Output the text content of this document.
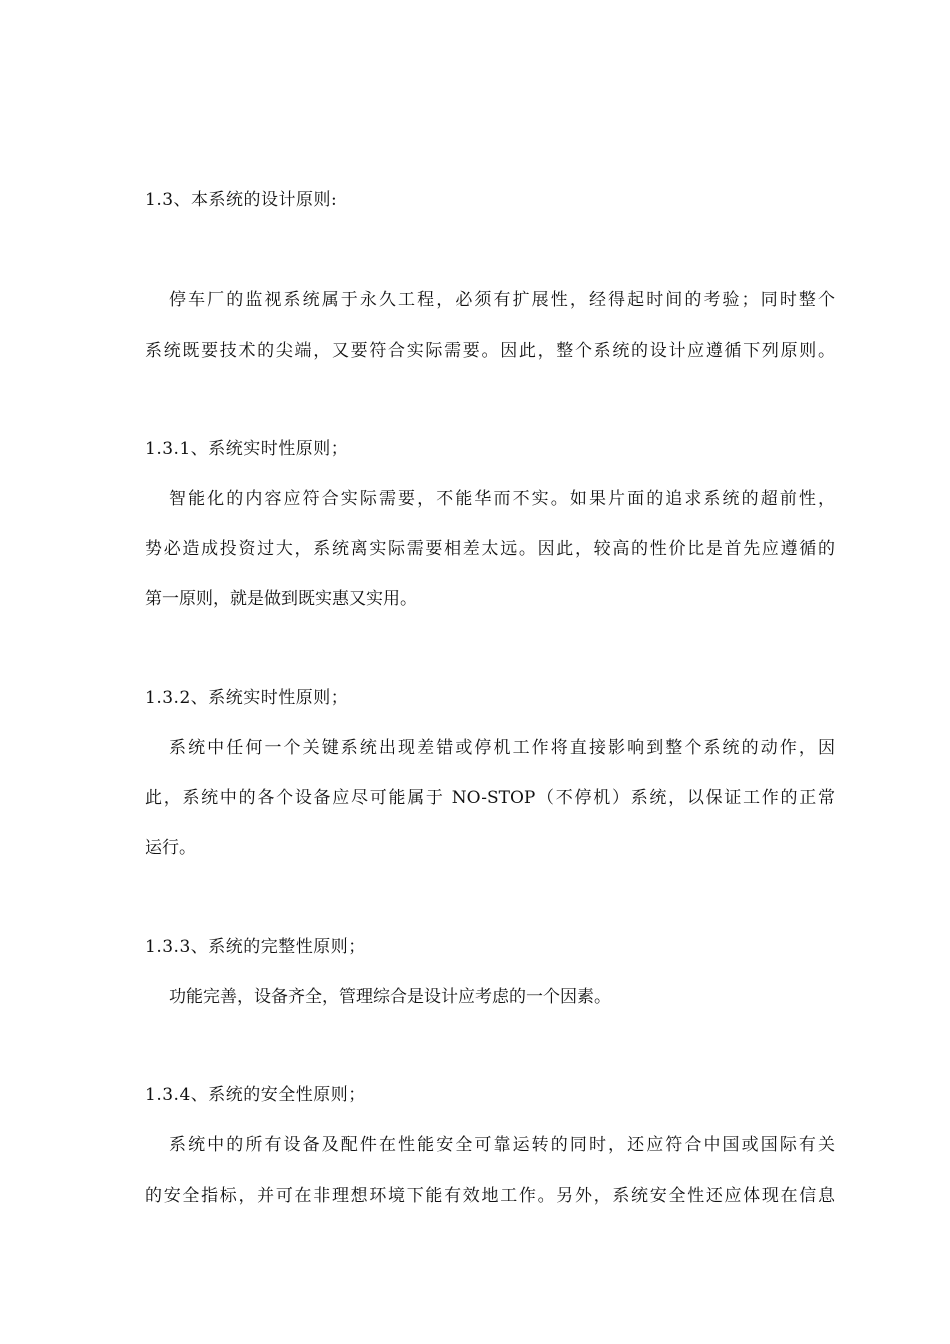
1.3、本系统的设计原则:
停车厂的监视系统属于永久工程，必须有扩展性，经得起时间的考验；同时整个
系统既要技术的尖端，又要符合实际需要。因此，整个系统的设计应遵循下列原则。
1.3.1、系统实时性原则；
智能化的内容应符合实际需要，不能华而不实。如果片面的追求系统的超前性，
势必造成投资过大，系统离实际需要相差太远。因此，较高的性价比是首先应遵循的
第一原则，就是做到既实惠又实用。
1.3.2、系统实时性原则；
系统中任何一个关键系统出现差错或停机工作将直接影响到整个系统的动作，因
此，系统中的各个设备应尽可能属于 NO-STOP（不停机）系统，以保证工作的正常
运行。
1.3.3、系统的完整性原则；
功能完善，设备齐全，管理综合是设计应考虑的一个因素。
1.3.4、系统的安全性原则；
系统中的所有设备及配件在性能安全可靠运转的同时，还应符合中国或国际有关
的安全指标，并可在非理想环境下能有效地工作。另外，系统安全性还应体现在信息
